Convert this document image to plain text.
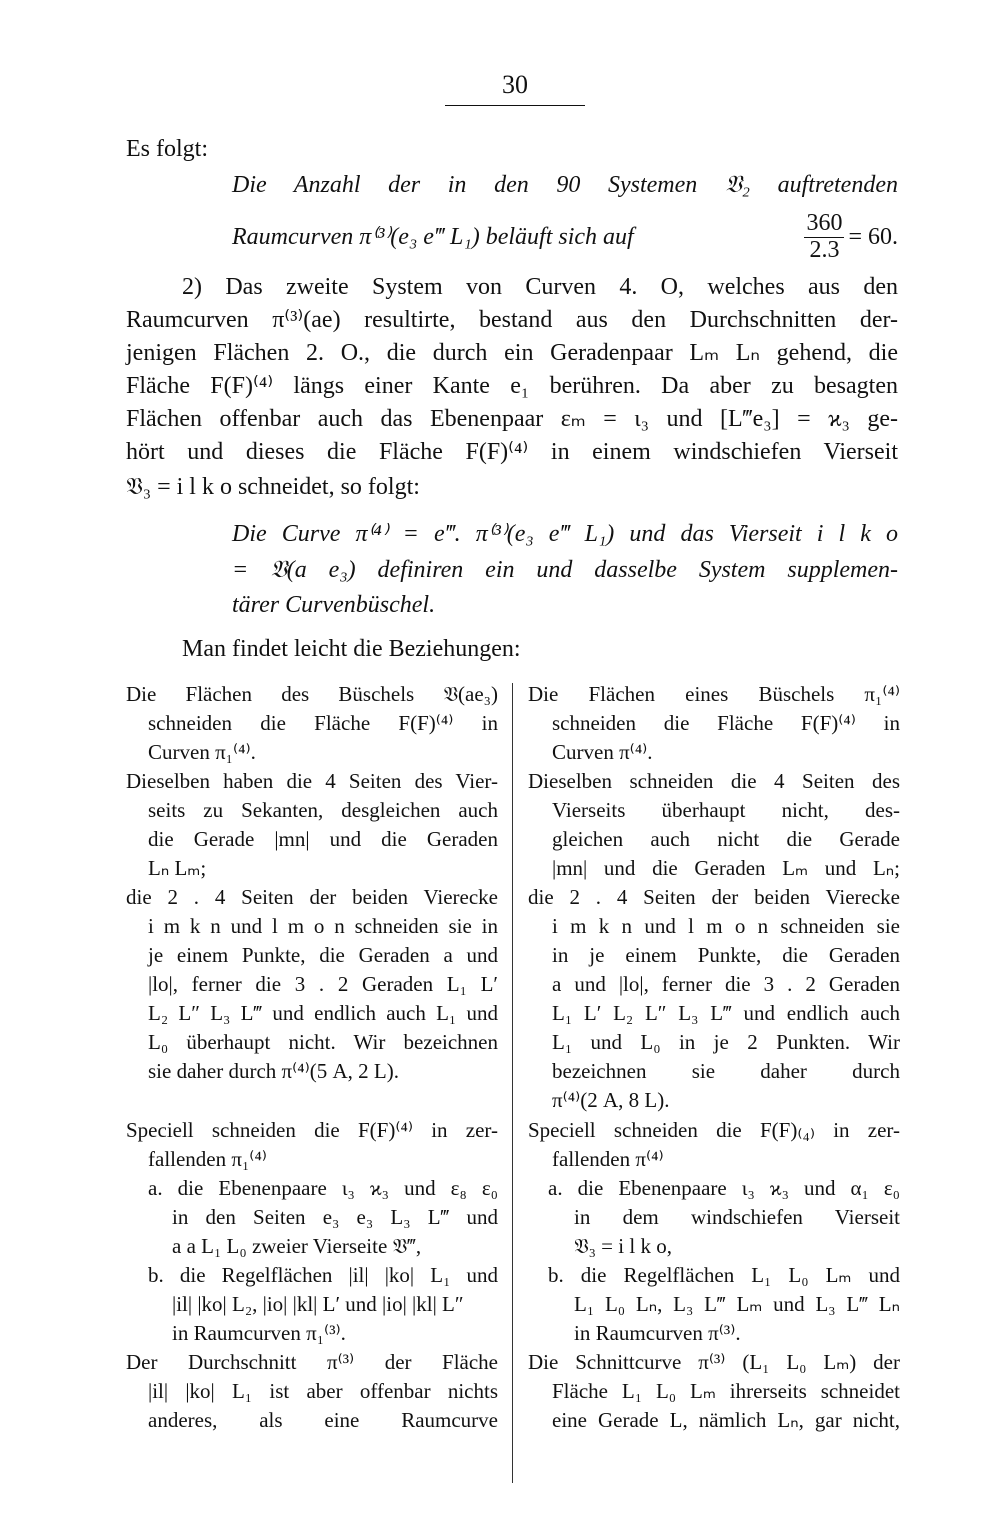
30
Es folgt:
Die Anzahl der in den 90 Systemen 𝔙₂ auftretenden
Raumcurven π⁽³⁾(e₃ e‴ L₁) beläuft sich auf	$\frac{360}{2.3} = 60$.
2) Das zweite System von Curven 4. O, welches aus den
Raumcurven π⁽³⁾(ae) resultirte, bestand aus den Durchschnitten der-
jenigen Flächen 2. O., die durch ein Geradenpaar Lₘ Lₙ gehend, die
Fläche F(F)⁽⁴⁾ längs einer Kante e₁ berühren. Da aber zu besagten
Flächen offenbar auch das Ebenenpaar εₘ = ι₃ und [L‴e₃] = ϰ₃ ge-
hört und dieses die Fläche F(F)⁽⁴⁾ in einem windschiefen Vierseit
𝔙₃ = i l k o schneidet, so folgt:
Die Curve π⁽⁴⁾ = e‴. π⁽³⁾(e₃ e‴ L₁) und das Vierseit i l k o
= 𝔙(a e₃) definiren ein und dasselbe System supplemen-
tärer Curvenbüschel.
Man findet leicht die Beziehungen:
Die Flächen des Büschels 𝔙(ae₃)
schneiden die Fläche F(F)⁽⁴⁾ in
Curven π₁⁽⁴⁾.
Dieselben haben die 4 Seiten des Vier-
seits zu Sekanten, desgleichen auch
die Gerade |mn| und die Geraden
Lₙ Lₘ;
die 2 . 4 Seiten der beiden Vierecke
i m k n und l m o n schneiden sie in
je einem Punkte, die Geraden a und
|lo|, ferner die 3 . 2 Geraden L₁ L′
L₂ L″ L₃ L‴ und endlich auch L₁ und
L₀ überhaupt nicht. Wir bezeichnen
sie daher durch π⁽⁴⁾(5 A, 2 L).
Speciell schneiden die F(F)⁽⁴⁾ in zer-
fallenden π₁⁽⁴⁾
a. die Ebenenpaare ι₃ ϰ₃ und ε₈ ε₀
in den Seiten e₃ e₃ L₃ L‴ und
a a L₁ L₀ zweier Vierseite 𝔙‴,
b. die Regelflächen |il| |ko| L₁ und
|il| |ko| L₂, |io| |kl| L′ und |io| |kl| L″
in Raumcurven π₁⁽³⁾.
Der Durchschnitt π⁽³⁾ der Fläche
|il| |ko| L₁ ist aber offenbar nichts
anderes, als eine Raumcurve
Die Flächen eines Büschels π₁⁽⁴⁾
schneiden die Fläche F(F)⁽⁴⁾ in
Curven π⁽⁴⁾.
Dieselben schneiden die 4 Seiten des
Vierseits überhaupt nicht, des-
gleichen auch nicht die Gerade
|mn| und die Geraden Lₘ und Lₙ;
die 2 . 4 Seiten der beiden Vierecke
i m k n und l m o n schneiden sie
in je einem Punkte, die Geraden
a und |lo|, ferner die 3 . 2 Geraden
L₁ L′ L₂ L″ L₃ L‴ und endlich auch
L₁ und L₀ in je 2 Punkten. Wir
bezeichnen sie daher durch
π⁽⁴⁾(2 A, 8 L).
Speciell schneiden die F(F)₍₄₎ in zer-
fallenden π⁽⁴⁾
a. die Ebenenpaare ι₃ ϰ₃ und α₁ ε₀
in dem windschiefen Vierseit
𝔙₃ = i l k o,
b. die Regelflächen L₁ L₀ Lₘ und
L₁ L₀ Lₙ, L₃ L‴ Lₘ und L₃ L‴ Lₙ
in Raumcurven π⁽³⁾.
Die Schnittcurve π⁽³⁾ (L₁ L₀ Lₘ) der
Fläche L₁ L₀ Lₘ ihrerseits schneidet
eine Gerade L, nämlich Lₙ, gar nicht,
